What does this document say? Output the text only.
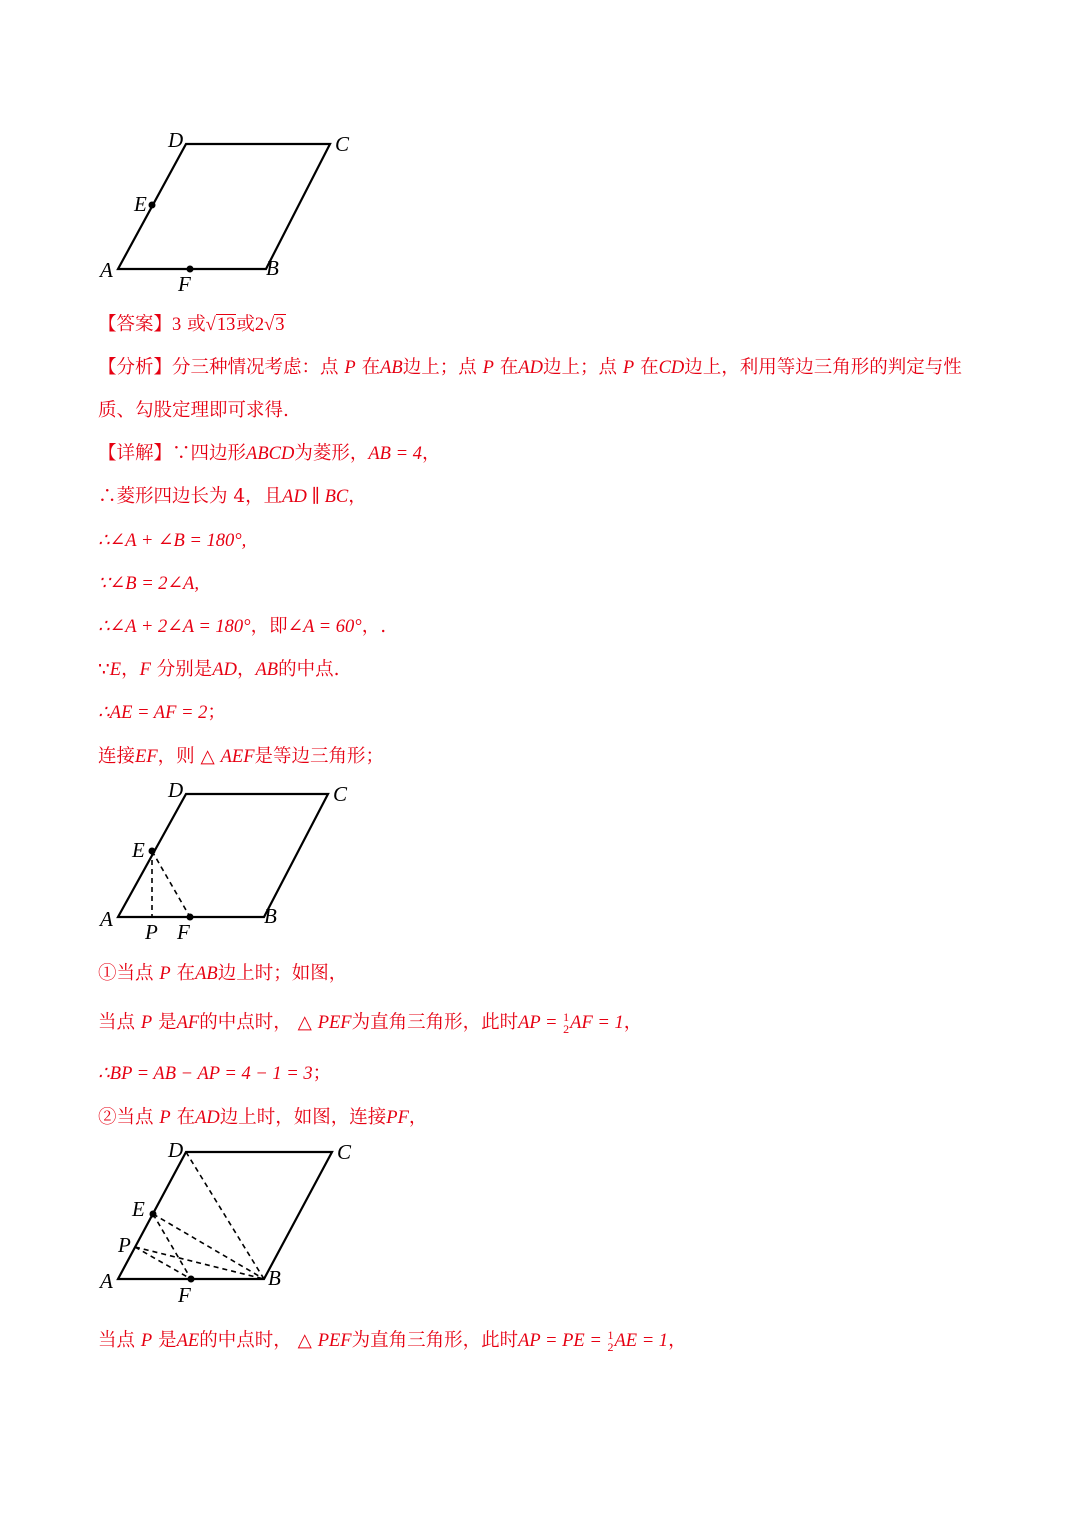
D	C
E
A	B
F
【答案】3 或√13或2√3
【分析】分三种情况考虑：点 P 在AB边上；点 P 在AD边上；点 P 在CD边上，利用等边三角形的判定与性
质、勾股定理即可求得.
【详解】∵四边形ABCD为菱形，AB = 4，
∴菱形四边长为 4，且AD ∥ BC，
∴∠A + ∠B = 180°,
∵∠B = 2∠A,
∴∠A + 2∠A = 180°，即∠A = 60°，.
∵E，F 分别是AD，AB的中点.
∴AE = AF = 2；
连接EF，则 △ AEF是等边三角形；
D	C
E
A	B
P F
①当点 P 在AB边上时；如图，
当点 P 是AF的中点时， △ PEF为直角三角形，此时AP = 1
2 AF = 1，
∴BP = AB − AP = 4 − 1 = 3；
②当点 P 在AD边上时，如图，连接PF，
D	C
E
P
A	B
F
当点 P 是AE的中点时， △ PEF为直角三角形，此时AP = PE = 1
2 AE = 1，
